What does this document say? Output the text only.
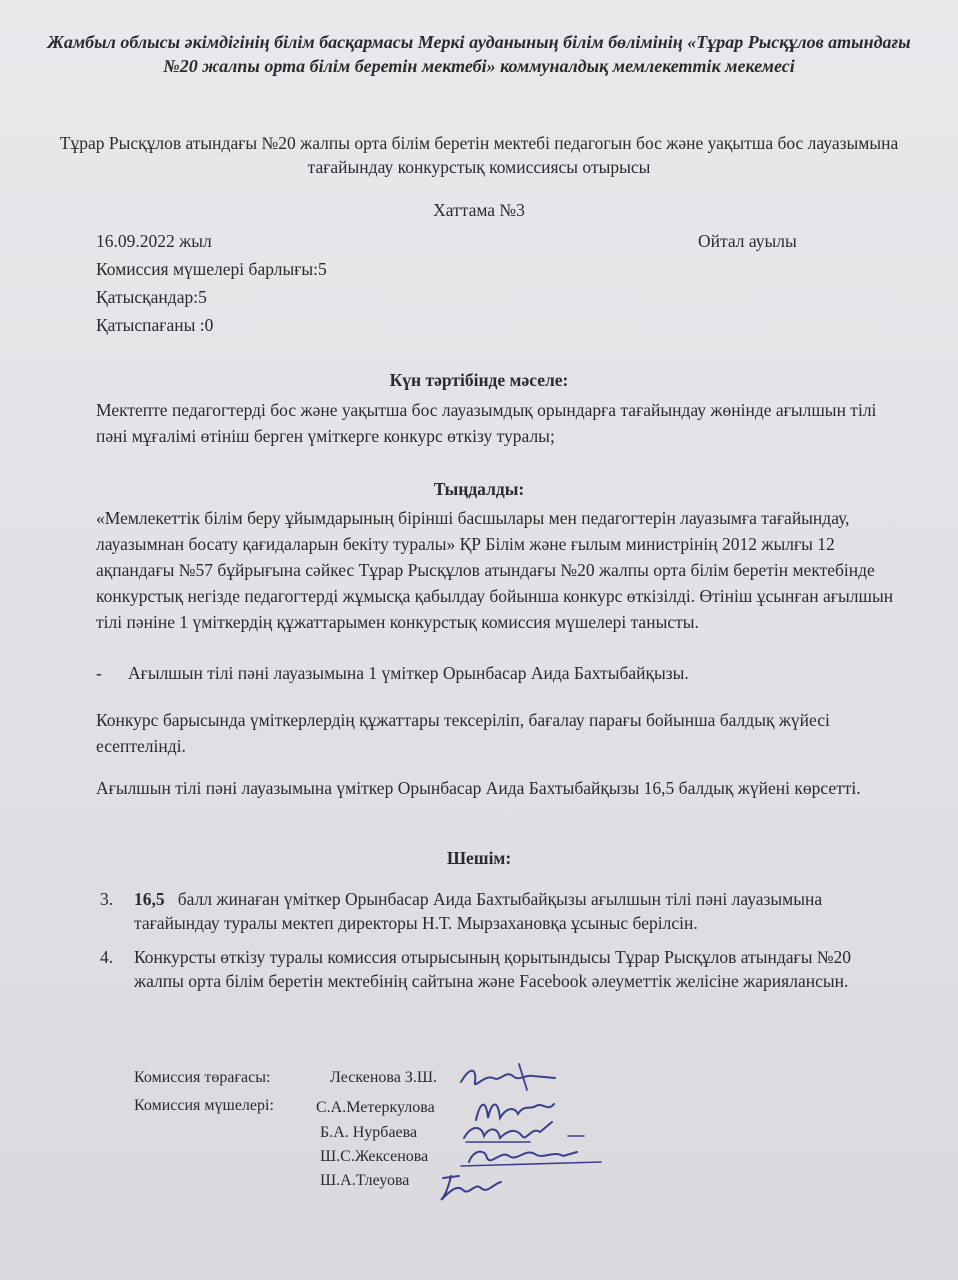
Жамбыл облысы әкімдігінің білім басқармасы Меркі ауданының білім бөлімінің «Тұрар Рысқұлов атындағы №20 жалпы орта білім беретін мектебі» коммуналдық мемлекеттік мекемесі
Тұрар Рысқұлов атындағы №20 жалпы орта білім беретін мектебі педагогын бос және уақытша бос лауазымына тағайындау конкурстық комиссиясы отырысы
Хаттама №3
16.09.2022 жыл	Ойтал ауылы
Комиссия мүшелері барлығы:5
Қатысқандар:5
Қатыспағаны :0
Күн тәртібінде мәселе:
Мектепте педагогтерді бос және уақытша бос лауазымдық орындарға тағайындау жөнінде ағылшын тілі пәні мұғалімі өтініш берген үміткерге конкурс өткізу туралы;
Тыңдалды:
«Мемлекеттік білім беру ұйымдарының бірінші басшылары мен педагогтерін лауазымға тағайындау, лауазымнан босату қағидаларын бекіту туралы» ҚР Білім және ғылым министрінің 2012 жылғы 12 ақпандағы №57 бұйрығына сәйкес Тұрар Рысқұлов атындағы №20 жалпы орта білім беретін мектебінде конкурстық негізде педагогтерді жұмысқа қабылдау бойынша конкурс өткізілді. Өтініш ұсынған ағылшын тілі пәніне 1 үміткердің құжаттарымен конкурстық комиссия мүшелері танысты.
- Ағылшын тілі пәні лауазымына 1 үміткер Орынбасар Аида Бахтыбайқызы.
Конкурс барысында үміткерлердің құжаттары тексеріліп, бағалау парағы бойынша балдық жүйесі есептелінді.
Ағылшын тілі пәні лауазымына үміткер Орынбасар Аида Бахтыбайқызы 16,5 балдық жүйені көрсетті.
Шешім:
3. 16,5 балл жинаған үміткер Орынбасар Аида Бахтыбайқызы ағылшын тілі пәні лауазымына тағайындау туралы мектеп директоры Н.Т. Мырзахановқа ұсыныс берілсін.
4. Конкурсты өткізу туралы комиссия отырысының қорытындысы Тұрар Рысқұлов атындағы №20 жалпы орта білім беретін мектебінің сайтына және Facebook әлеуметтік желісіне жариялансын.
Комиссия төрағасы:	Лескенова З.Ш.
Комиссия мүшелері:	С.А.Метеркулова
Б.А. Нурбаева
Ш.С.Жексенова
Ш.А.Тлеуова
